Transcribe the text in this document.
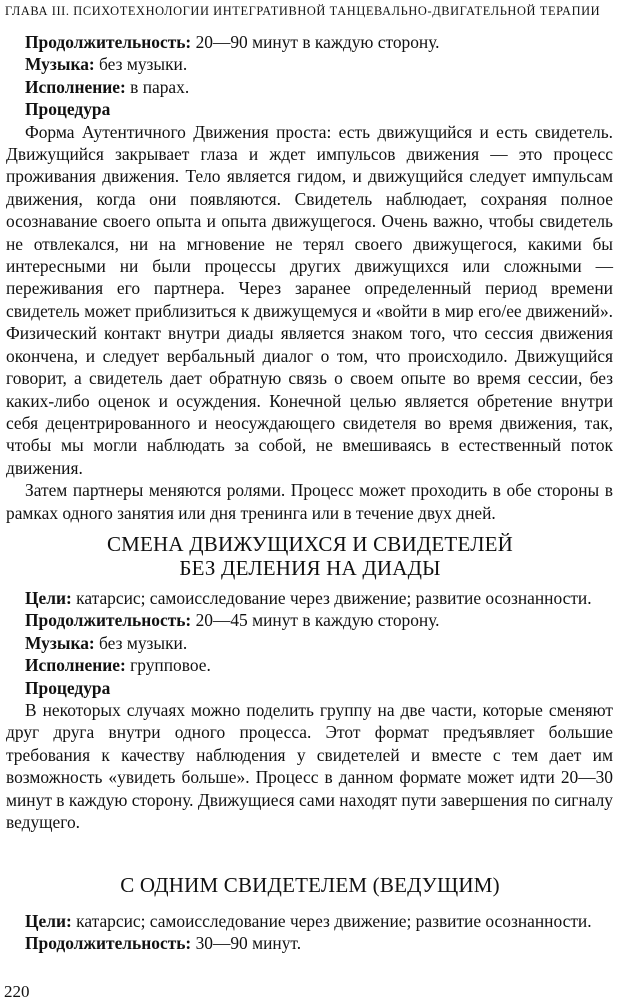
ГЛАВА III. ПСИХОТЕХНОЛОГИИ ИНТЕГРАТИВНОЙ ТАНЦЕВАЛЬНО-ДВИГАТЕЛЬНОЙ ТЕРАПИИ

Продолжительность: 20—90 минут в каждую сторону.

Музыка: без музыки.

Исполнение: в парах.

Процедура

Форма Аутентичного Движения проста: есть движущийся и есть свидетель. Движущийся закрывает глаза и ждет импульсов движения — это процесс проживания движения. Тело является гидом, и движущийся следует импульсам движения, когда они появляются. Свидетель наблюдает, сохраняя полное осознавание своего опыта и опыта движущегося. Очень важно, чтобы свидетель не отвлекался, ни на мгновение не терял своего движущегося, какими бы интересными ни были процессы других движущихся или сложными — переживания его партнера. Через заранее определенный период времени свидетель может приблизиться к движущемуся и «войти в мир его/ее движений». Физический контакт внутри диады является знаком того, что сессия движения окончена, и следует вербальный диалог о том, что происходило. Движущийся говорит, а свидетель дает обратную связь о своем опыте во время сессии, без каких-либо оценок и осуждения. Конечной целью является обретение внутри себя децентрированного и неосуждающего свидетеля во время движения, так, чтобы мы могли наблюдать за собой, не вмешиваясь в естественный поток движения.

Затем партнеры меняются ролями. Процесс может проходить в обе стороны в рамках одного занятия или дня тренинга или в течение двух дней.

СМЕНА ДВИЖУЩИХСЯ И СВИДЕТЕЛЕЙ
БЕЗ ДЕЛЕНИЯ НА ДИАДЫ

Цели: катарсис; самоисследование через движение; развитие осознанности.

Продолжительность: 20—45 минут в каждую сторону.

Музыка: без музыки.

Исполнение: групповое.

Процедура

В некоторых случаях можно поделить группу на две части, которые сменяют друг друга внутри одного процесса. Этот формат предъявляет большие требования к качеству наблюдения у свидетелей и вместе с тем дает им возможность «увидеть больше». Процесс в данном формате может идти 20—30 минут в каждую сторону. Движущиеся сами находят пути завершения по сигналу ведущего.

С ОДНИМ СВИДЕТЕЛЕМ (ВЕДУЩИМ)

Цели: катарсис; самоисследование через движение; развитие осознанности.

Продолжительность: 30—90 минут.

220
